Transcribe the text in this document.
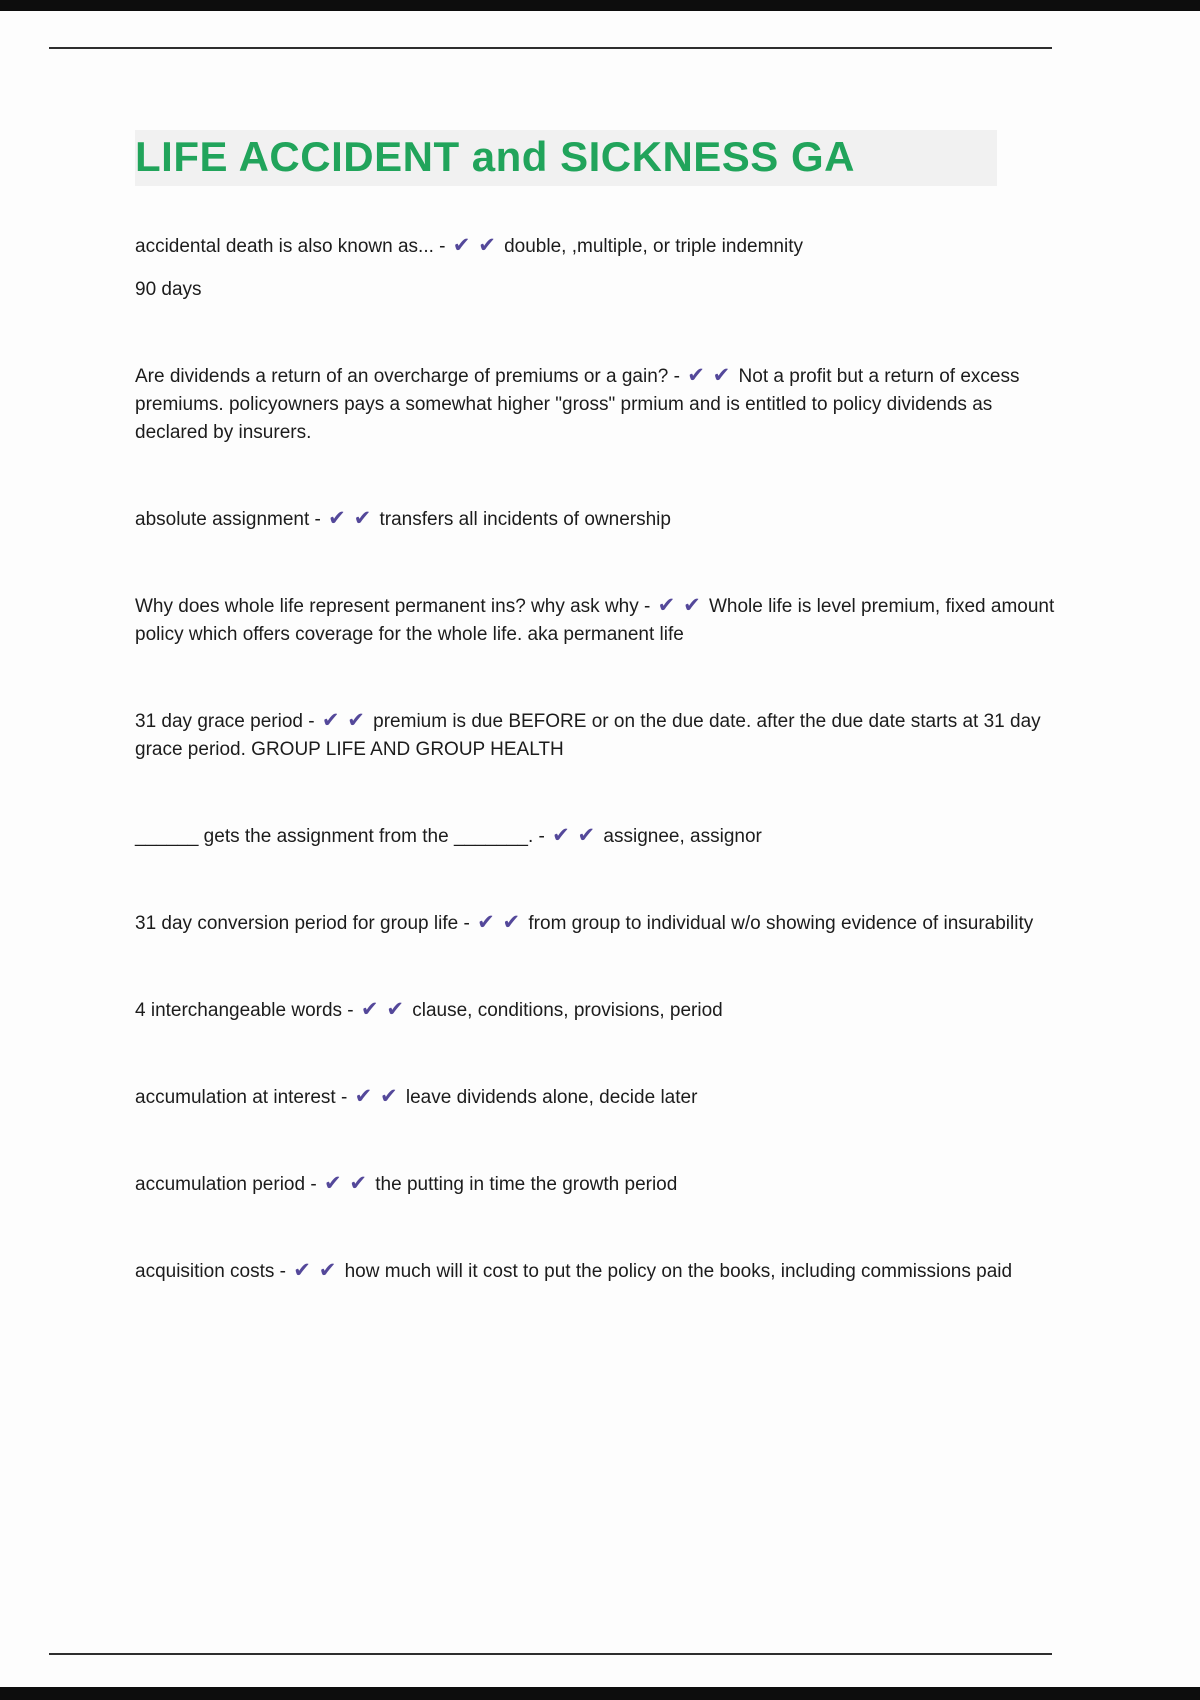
LIFE ACCIDENT and SICKNESS GA

accidental death is also known as... - ✔ ✔ double, ,multiple, or triple indemnity

90 days

Are dividends a return of an overcharge of premiums or a gain? - ✔ ✔ Not a profit but a return of excess premiums. policyowners pays a somewhat higher "gross" prmium and is entitled to policy dividends as declared by insurers.

absolute assignment - ✔ ✔ transfers all incidents of ownership

Why does whole life represent permanent ins? why ask why - ✔ ✔ Whole life is level premium, fixed amount policy which offers coverage for the whole life. aka permanent life

31 day grace period - ✔ ✔ premium is due BEFORE or on the due date. after the due date starts at 31 day grace period. GROUP LIFE AND GROUP HEALTH

______ gets the assignment from the _______. - ✔ ✔ assignee, assignor

31 day conversion period for group life - ✔ ✔ from group to individual w/o showing evidence of insurability

4 interchangeable words - ✔ ✔ clause, conditions, provisions, period

accumulation at interest - ✔ ✔ leave dividends alone, decide later

accumulation period - ✔ ✔ the putting in time the growth period

acquisition costs - ✔ ✔ how much will it cost to put the policy on the books, including commissions paid
